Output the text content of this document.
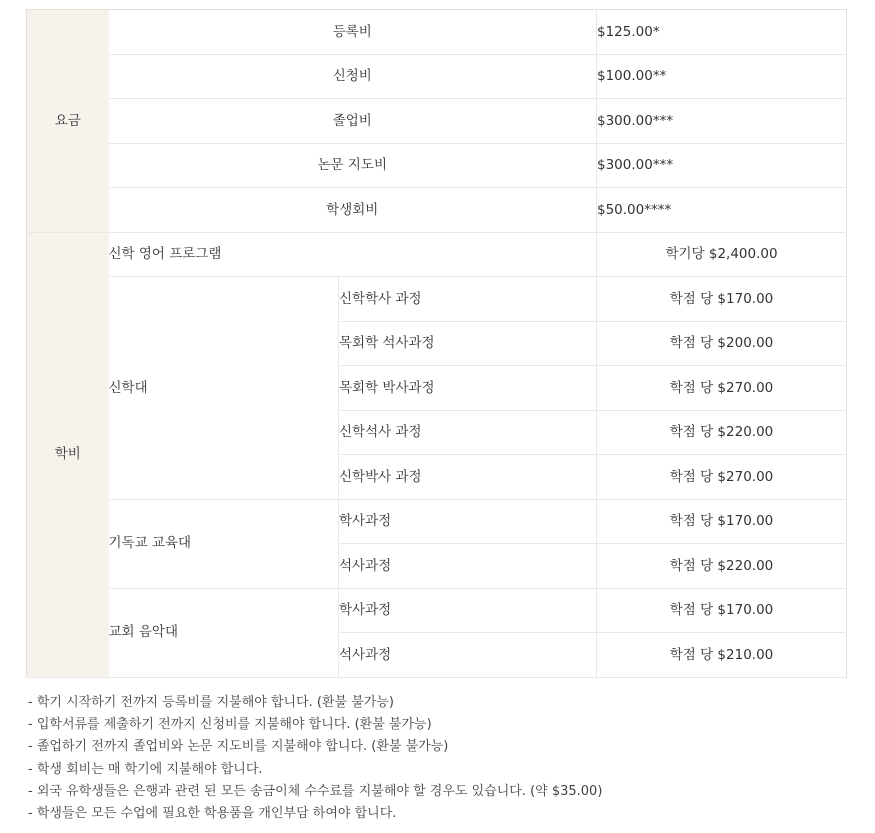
요금	등록비		$125.00*
	신청비		$100.00**
	졸업비		$300.00***
	논문 지도비		$300.00***
	학생회비		$50.00****
학비	신학 영어 프로그램		학기당 $2,400.00
	신학대	신학학사 과정	학점 당 $170.00
		목회학 석사과정	학점 당 $200.00
		목회학 박사과정	학점 당 $270.00
		신학석사 과정	학점 당 $220.00
		신학박사 과정	학점 당 $270.00
	기독교 교육대	학사과정	학점 당 $170.00
		석사과정	학점 당 $220.00
	교회 음악대	학사과정	학점 당 $170.00
		석사과정	학점 당 $210.00
- 학기 시작하기 전까지 등록비를 지불해야 합니다. (환불 불가능)
- 입학서류를 제출하기 전까지 신청비를 지불해야 합니다. (환불 불가능)
- 졸업하기 전까지 졸업비와 논문 지도비를 지불해야 합니다. (환불 불가능)
- 학생 회비는 매 학기에 지불해야 합니다.
- 외국 유학생들은 은행과 관련 된 모든 송금이체 수수료를 지불해야 할 경우도 있습니다. (약 $35.00)
- 학생들은 모든 수업에 필요한 학용품을 개인부담 하여야 합니다.
